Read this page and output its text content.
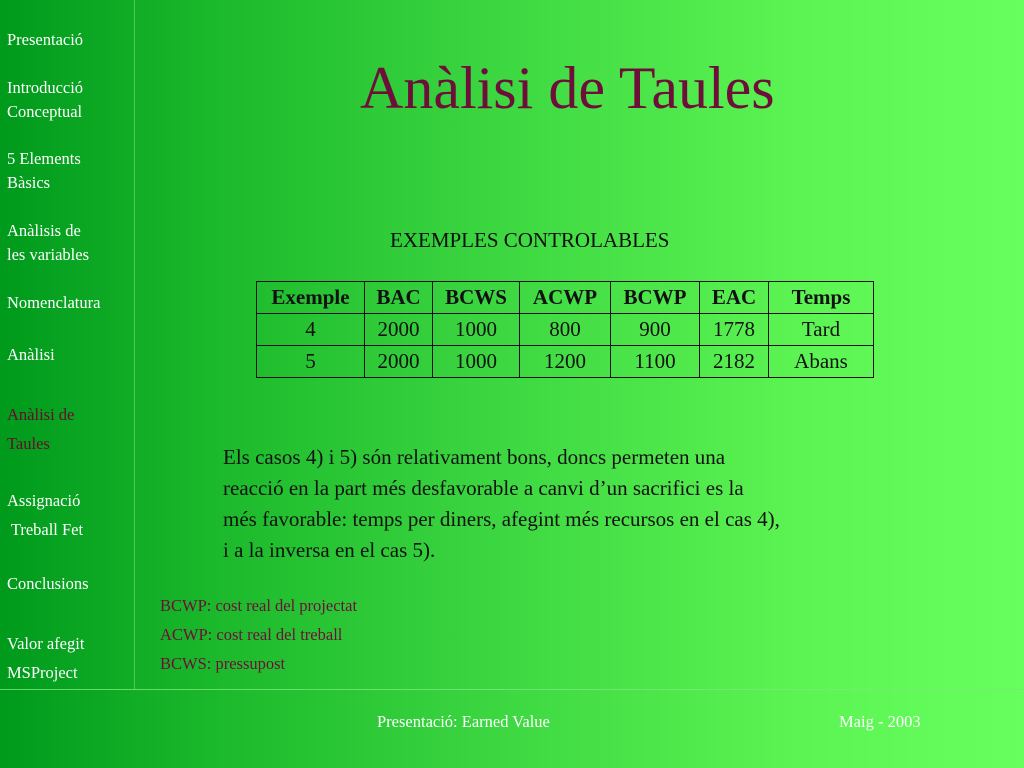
Presentació
Introducció
Conceptual
5 Elements
Bàsics
Anàlisis de
les variables
Nomenclatura
Anàlisi
Anàlisi de
Taules
Assignació
Treball Fet
Conclusions
Valor afegit
MSProject
Anàlisi de Taules
EXEMPLES CONTROLABLES
Exemple	BAC	BCWS	ACWP	BCWP	EAC	Temps
4	2000	1000	800	900	1778	Tard
5	2000	1000	1200	1100	2182	Abans
Els casos 4) i 5) són relativament bons, doncs permeten una
reacció en la part més desfavorable a canvi d’un sacrifici es la
més favorable: temps per diners, afegint més recursos en el cas 4),
i a la inversa en el cas 5).
BCWP: cost real del projectat
ACWP: cost real del treball
BCWS: pressupost
Presentació: Earned Value	Maig - 2003
